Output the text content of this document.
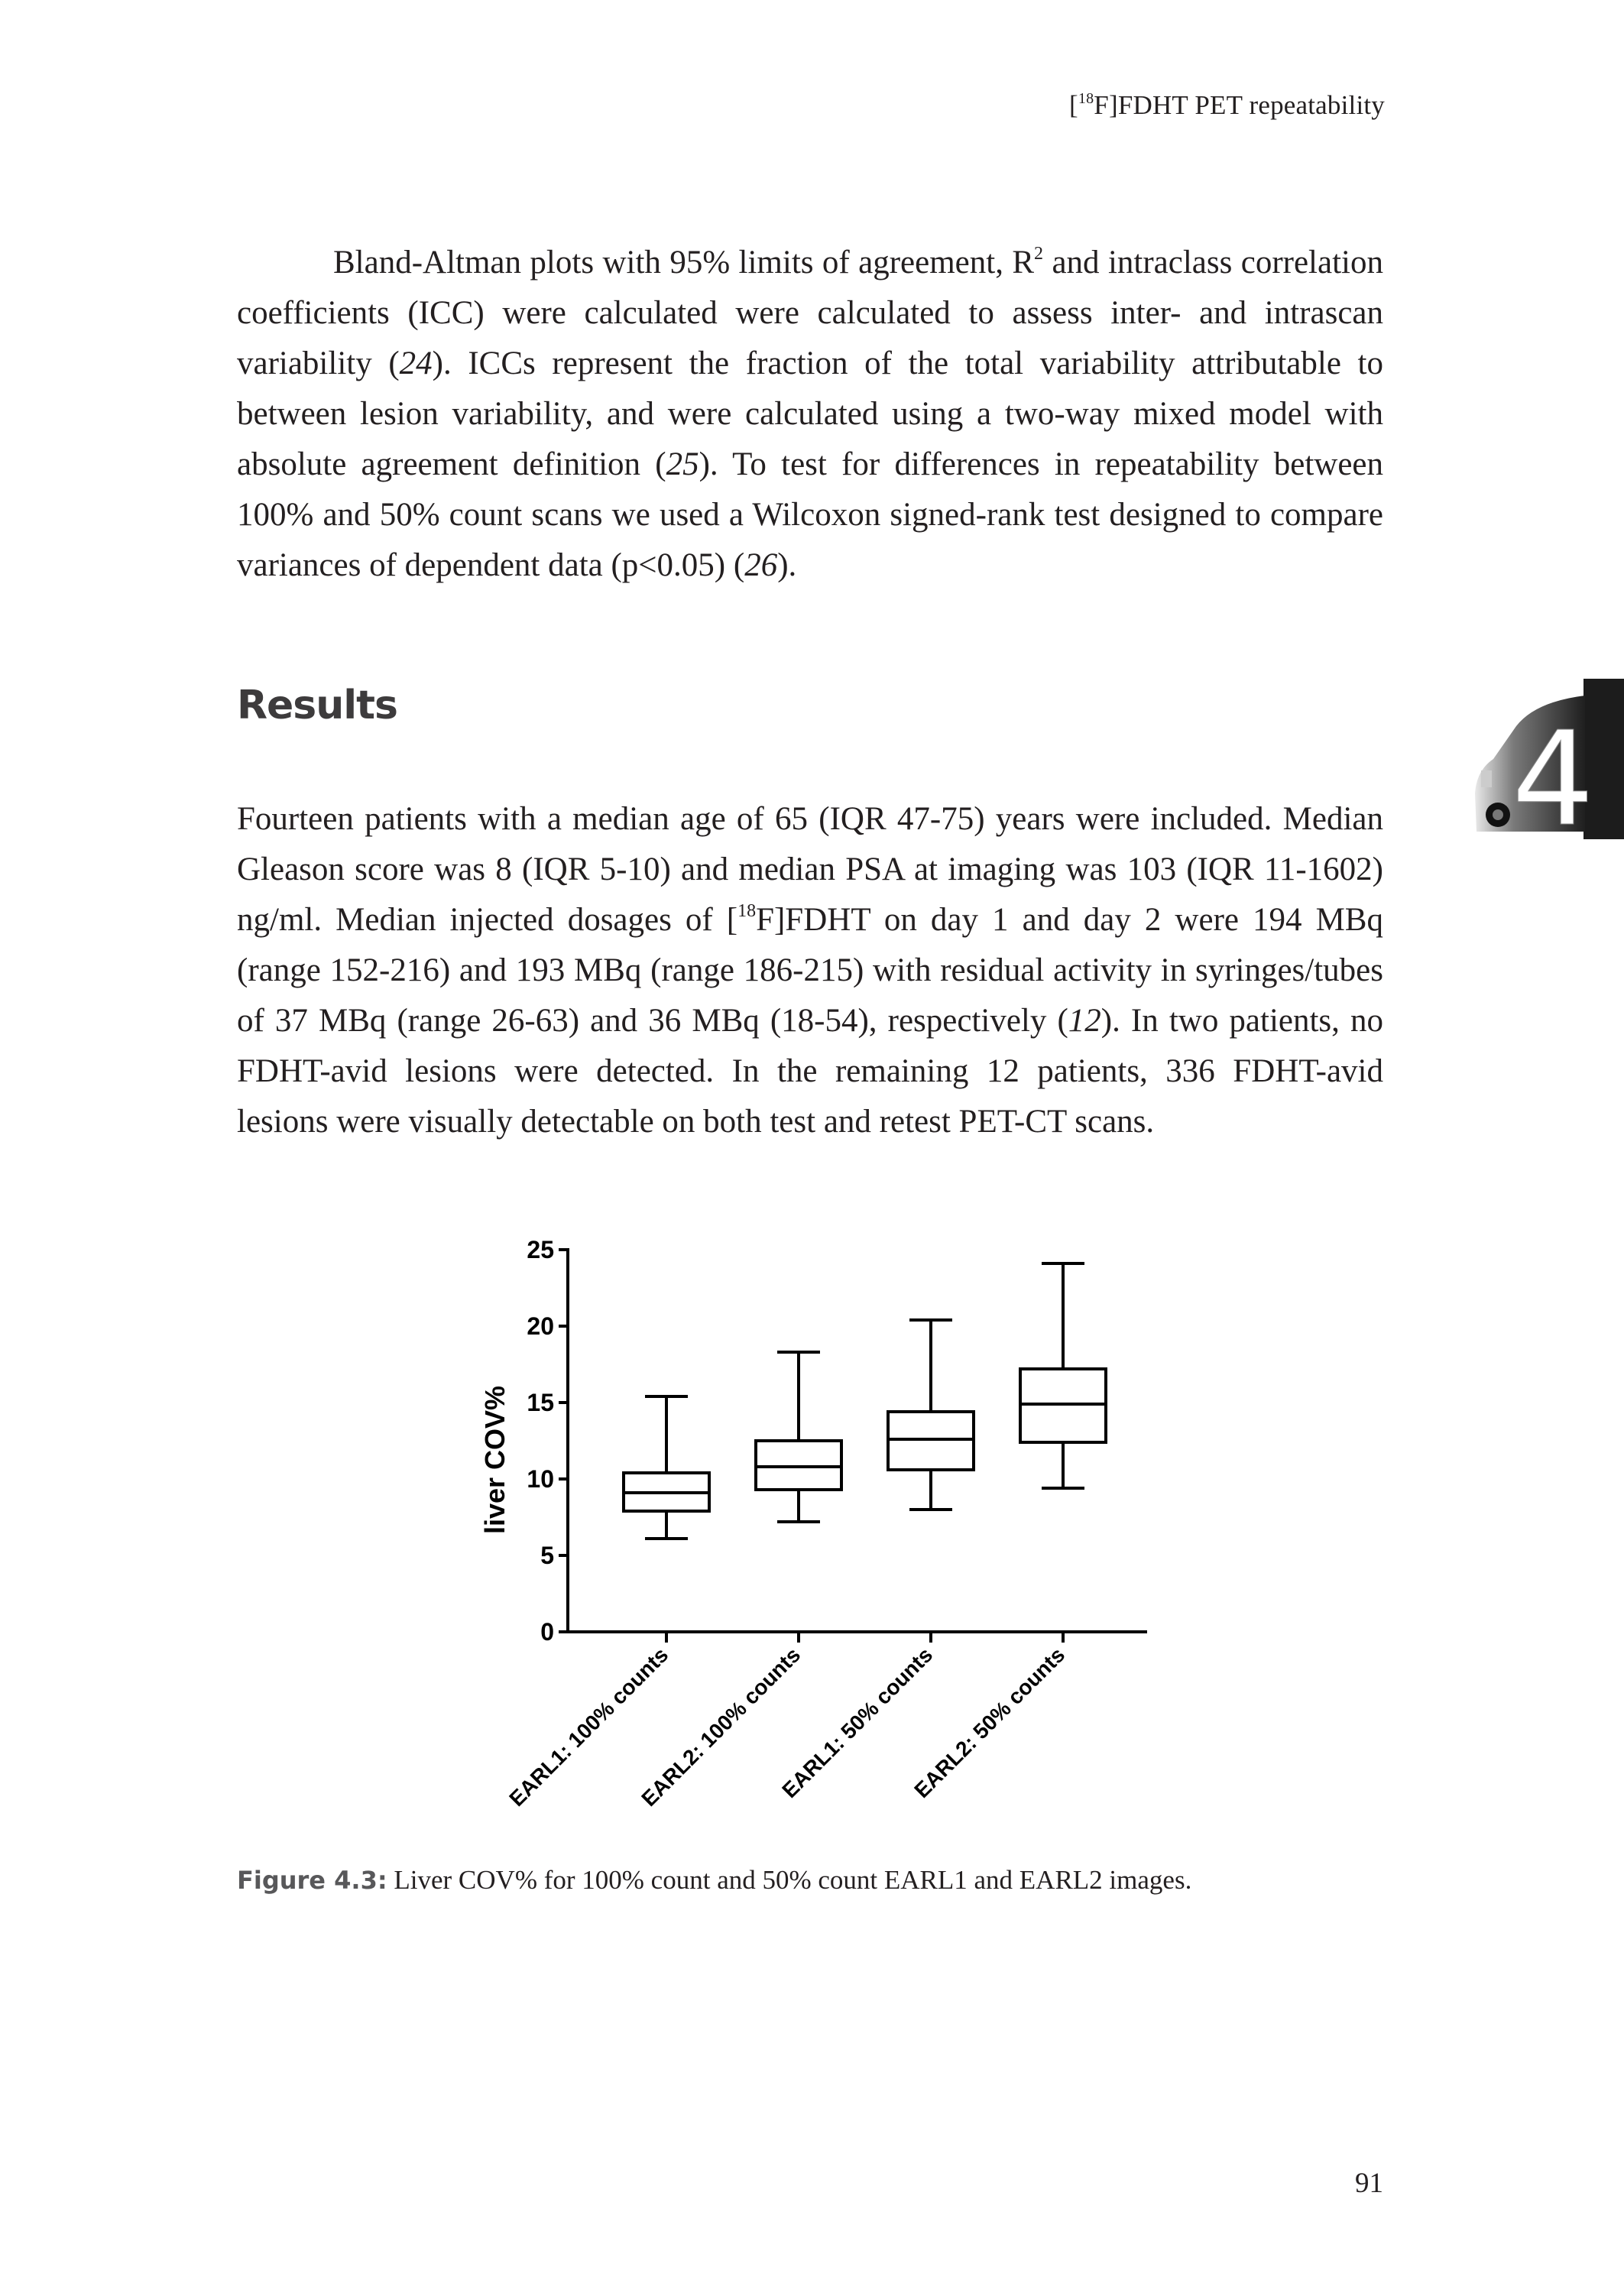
[$^{18}$F]FDHT PET repeatability

Bland-Altman plots with 95% limits of agreement, $R^2$ and intraclass correlation coefficients (ICC) were calculated were calculated to assess inter- and intrascan variability (24). ICCs represent the fraction of the total variability attributable to between lesion variability, and were calculated using a two-way mixed model with absolute agreement definition (25). To test for differences in repeatability between 100% and 50% count scans we used a Wilcoxon signed-rank test designed to compare variances of dependent data (p<0.05) (26).

Results

Fourteen patients with a median age of 65 (IQR 47-75) years were included. Median Gleason score was 8 (IQR 5-10) and median PSA at imaging was 103 (IQR 11-1602) ng/ml. Median injected dosages of [$^{18}$F]FDHT on day 1 and day 2 were 194 MBq (range 152-216) and 193 MBq (range 186-215) with residual activity in syringes/tubes of 37 MBq (range 26-63) and 36 MBq (18-54), respectively (12). In two patients, no FDHT-avid lesions were detected. In the remaining 12 patients, 336 FDHT-avid lesions were visually detectable on both test and retest PET-CT scans.

4
0
5
10
15
20
25
EARL1: 100% counts
EARL2: 100% counts
EARL1: 50% counts
EARL2: 50% counts
liver COV%
Figure 4.3: Liver COV% for 100% count and 50% count EARL1 and EARL2 images.
91
